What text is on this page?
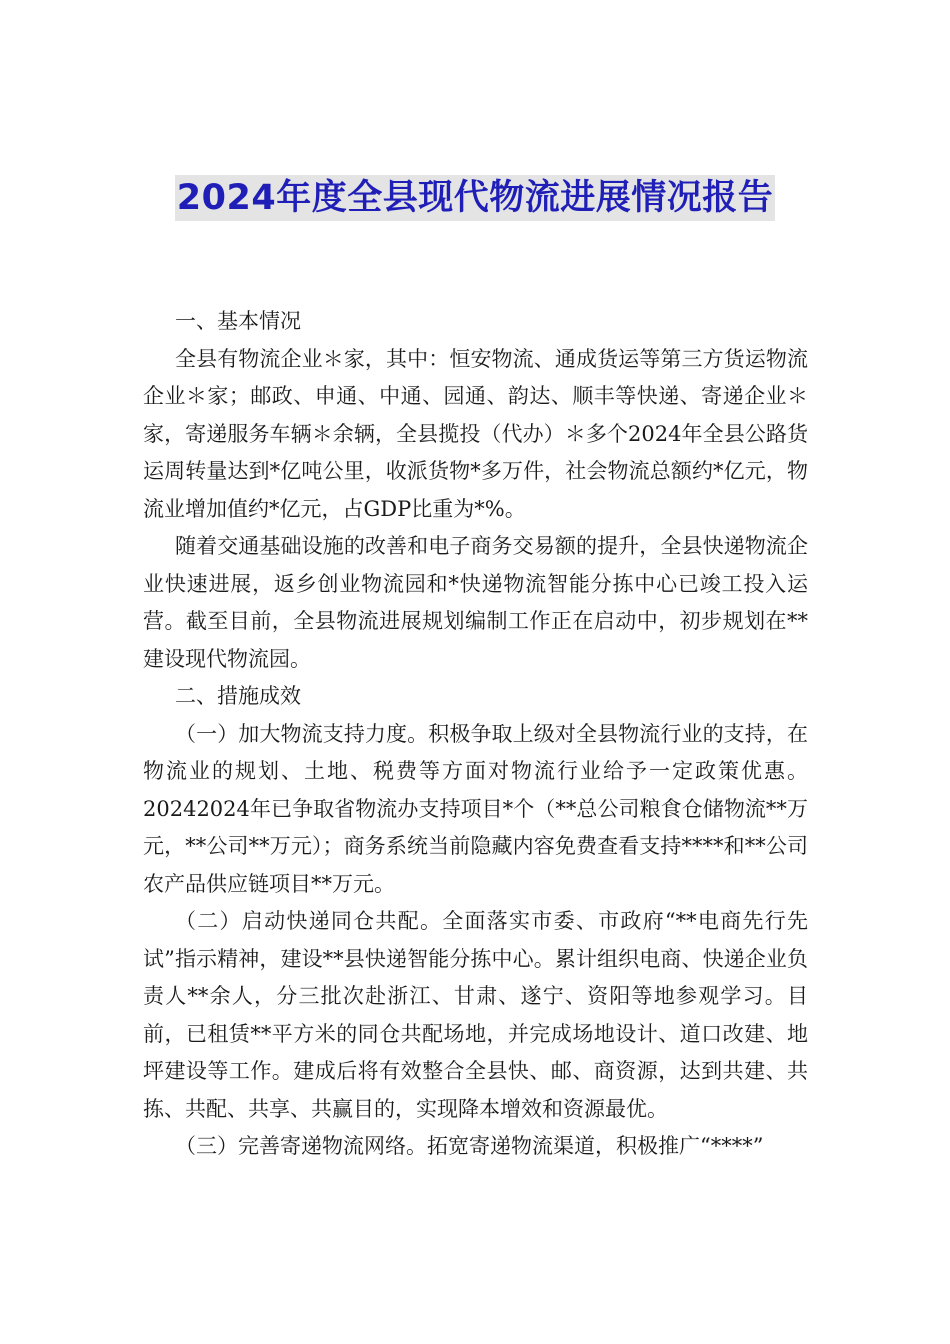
2024年度全县现代物流进展情况报告

一、基本情况

全县有物流企业＊家，其中：恒安物流、通成货运等第三方货运物流企业＊家；邮政、申通、中通、园通、韵达、顺丰等快递、寄递企业＊家，寄递服务车辆＊余辆，全县揽投（代办）＊多个2024年全县公路货运周转量达到*亿吨公里，收派货物*多万件，社会物流总额约*亿元，物流业增加值约*亿元，占GDP比重为*%。

随着交通基础设施的改善和电子商务交易额的提升，全县快递物流企业快速进展，返乡创业物流园和*快递物流智能分拣中心已竣工投入运营。截至目前，全县物流进展规划编制工作正在启动中，初步规划在**建设现代物流园。

二、措施成效

（一）加大物流支持力度。积极争取上级对全县物流行业的支持，在物流业的规划、土地、税费等方面对物流行业给予一定政策优惠。20242024年已争取省物流办支持项目*个（**总公司粮食仓储物流**万元，**公司**万元）；商务系统当前隐藏内容免费查看支持****和**公司农产品供应链项目**万元。

（二）启动快递同仓共配。全面落实市委、市政府“**电商先行先试”指示精神，建设**县快递智能分拣中心。累计组织电商、快递企业负责人**余人，分三批次赴浙江、甘肃、遂宁、资阳等地参观学习。目前，已租赁**平方米的同仓共配场地，并完成场地设计、道口改建、地坪建设等工作。建成后将有效整合全县快、邮、商资源，达到共建、共拣、共配、共享、共赢目的，实现降本增效和资源最优。

（三）完善寄递物流网络。拓宽寄递物流渠道，积极推广“****”
